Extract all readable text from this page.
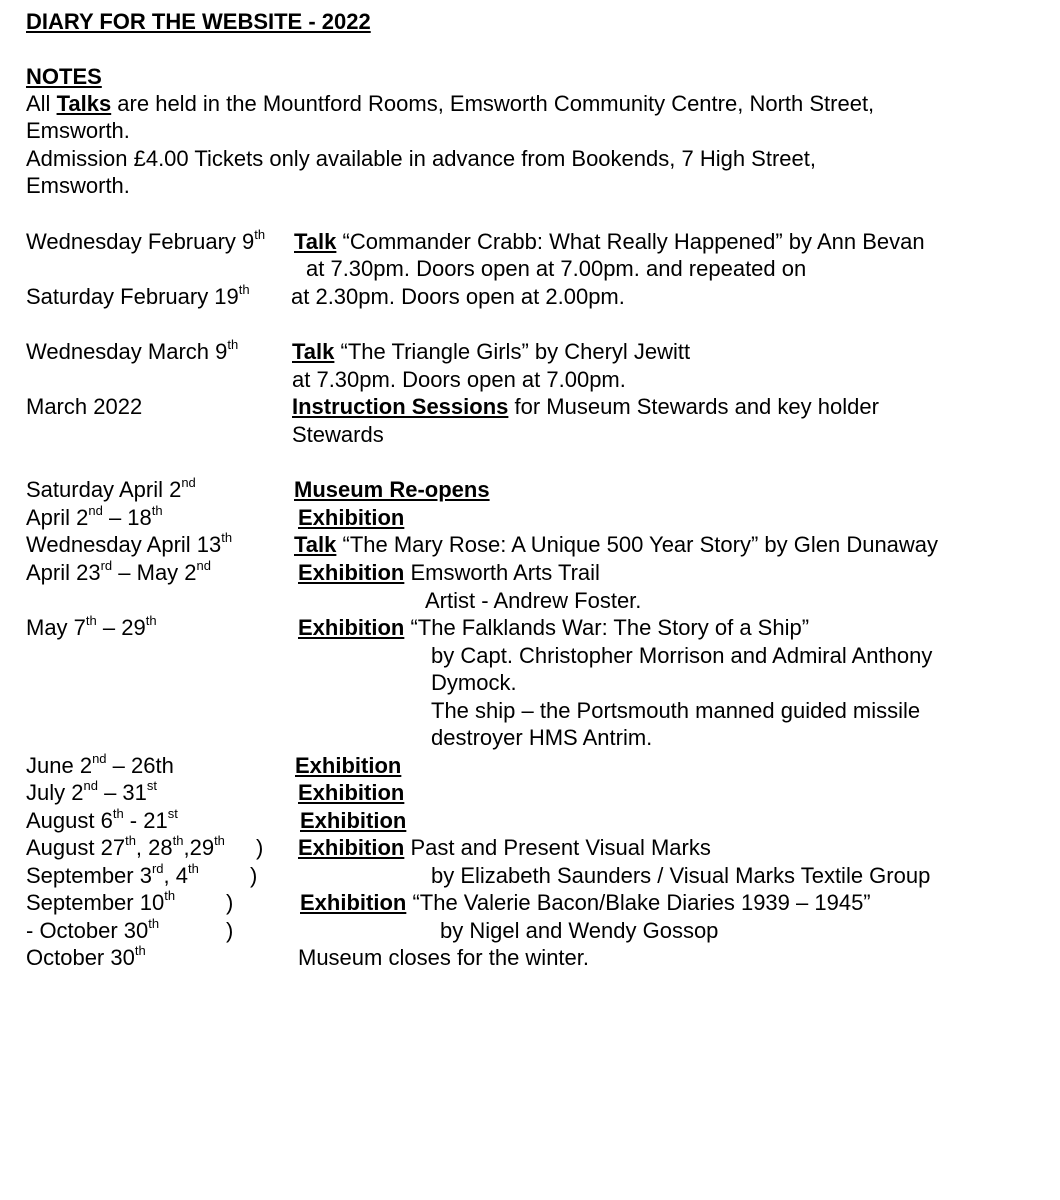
DIARY FOR THE WEBSITE - 2022
NOTES
All Talks are held in the Mountford Rooms, Emsworth Community Centre, North Street,
Emsworth.
Admission £4.00 Tickets only available in advance from Bookends, 7 High Street,
Emsworth.
Wednesday February 9th Talk “Commander Crabb: What Really Happened” by Ann Bevan
at 7.30pm. Doors open at 7.00pm. and repeated on
Saturday February 19th at 2.30pm. Doors open at 2.00pm.
Wednesday March 9th Talk “The Triangle Girls” by Cheryl Jewitt
at 7.30pm. Doors open at 7.00pm.
March 2022	Instruction Sessions for Museum Stewards and key holder
Stewards
Saturday April 2nd	Museum Re-opens
April 2nd – 18th	Exhibition
Wednesday April 13th	Talk “The Mary Rose: A Unique 500 Year Story” by Glen Dunaway
April 23rd – May 2nd	Exhibition Emsworth Arts Trail
Artist - Andrew Foster.
May 7th – 29th	Exhibition “The Falklands War: The Story of a Ship”
by Capt. Christopher Morrison and Admiral Anthony
Dymock.
The ship – the Portsmouth manned guided missile
destroyer HMS Antrim.
June 2nd – 26th	Exhibition
July 2nd – 31st	Exhibition
August 6th - 21st	Exhibition
August 27th, 28th,29th ) Exhibition Past and Present Visual Marks
September 3rd, 4th )	by Elizabeth Saunders / Visual Marks Textile Group
September 10th )	Exhibition “The Valerie Bacon/Blake Diaries 1939 – 1945”
- October 30th	)	by Nigel and Wendy Gossop
October 30th	Museum closes for the winter.
